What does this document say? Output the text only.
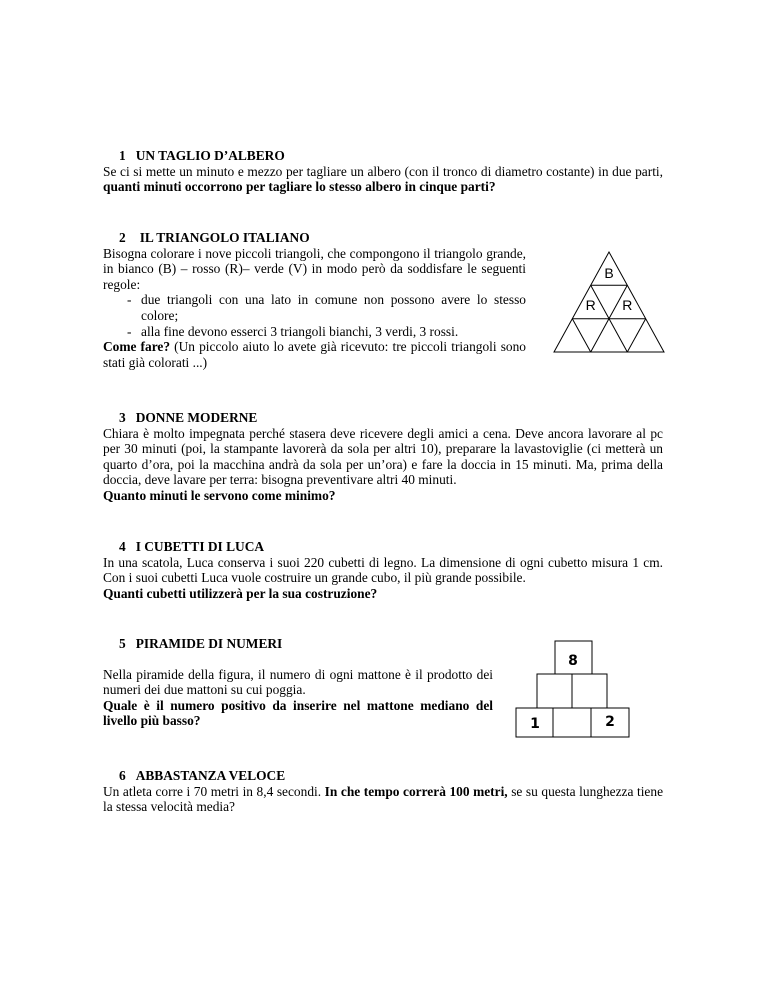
1 UN TAGLIO D’ALBERO

Se ci si mette un minuto e mezzo per tagliare un albero (con il tronco di diametro costante) in due parti, quanti minuti occorrono per tagliare lo stesso albero in cinque parti?

2 IL TRIANGOLO ITALIANO

Bisogna colorare i nove piccoli triangoli, che compongono il triangolo grande, in bianco (B) – rosso (R)– verde (V) in modo però da soddisfare le seguenti regole:

- due triangoli con una lato in comune non possono avere lo stesso colore;
- alla fine devono esserci 3 triangoli bianchi, 3 verdi, 3 rossi.

Come fare? (Un piccolo aiuto lo avete già ricevuto: tre piccoli triangoli sono stati già colorati ...)

B
R R
3 DONNE MODERNE

Chiara è molto impegnata perché stasera deve ricevere degli amici a cena. Deve ancora lavorare al pc per 30 minuti (poi, la stampante lavorerà da sola per altri 10), preparare la lavastoviglie (ci metterà un quarto d’ora, poi la macchina andrà da sola per un’ora) e fare la doccia in 15 minuti. Ma, prima della doccia, deve lavare per terra: bisogna preventivare altri 40 minuti.

Quanto minuti le servono come minimo?

4 I CUBETTI DI LUCA

In una scatola, Luca conserva i suoi 220 cubetti di legno. La dimensione di ogni cubetto misura 1 cm. Con i suoi cubetti Luca vuole costruire un grande cubo, il più grande possibile.

Quanti cubetti utilizzerà per la sua costruzione?

5 PIRAMIDE DI NUMERI

Nella piramide della figura, il numero di ogni mattone è il prodotto dei numeri dei due mattoni su cui poggia.

Quale è il numero positivo da inserire nel mattone mediano del livello più basso?

8
1	2
6 ABBASTANZA VELOCE

Un atleta corre i 70 metri in 8,4 secondi. In che tempo correrà 100 metri, se su questa lunghezza tiene la stessa velocità media?
